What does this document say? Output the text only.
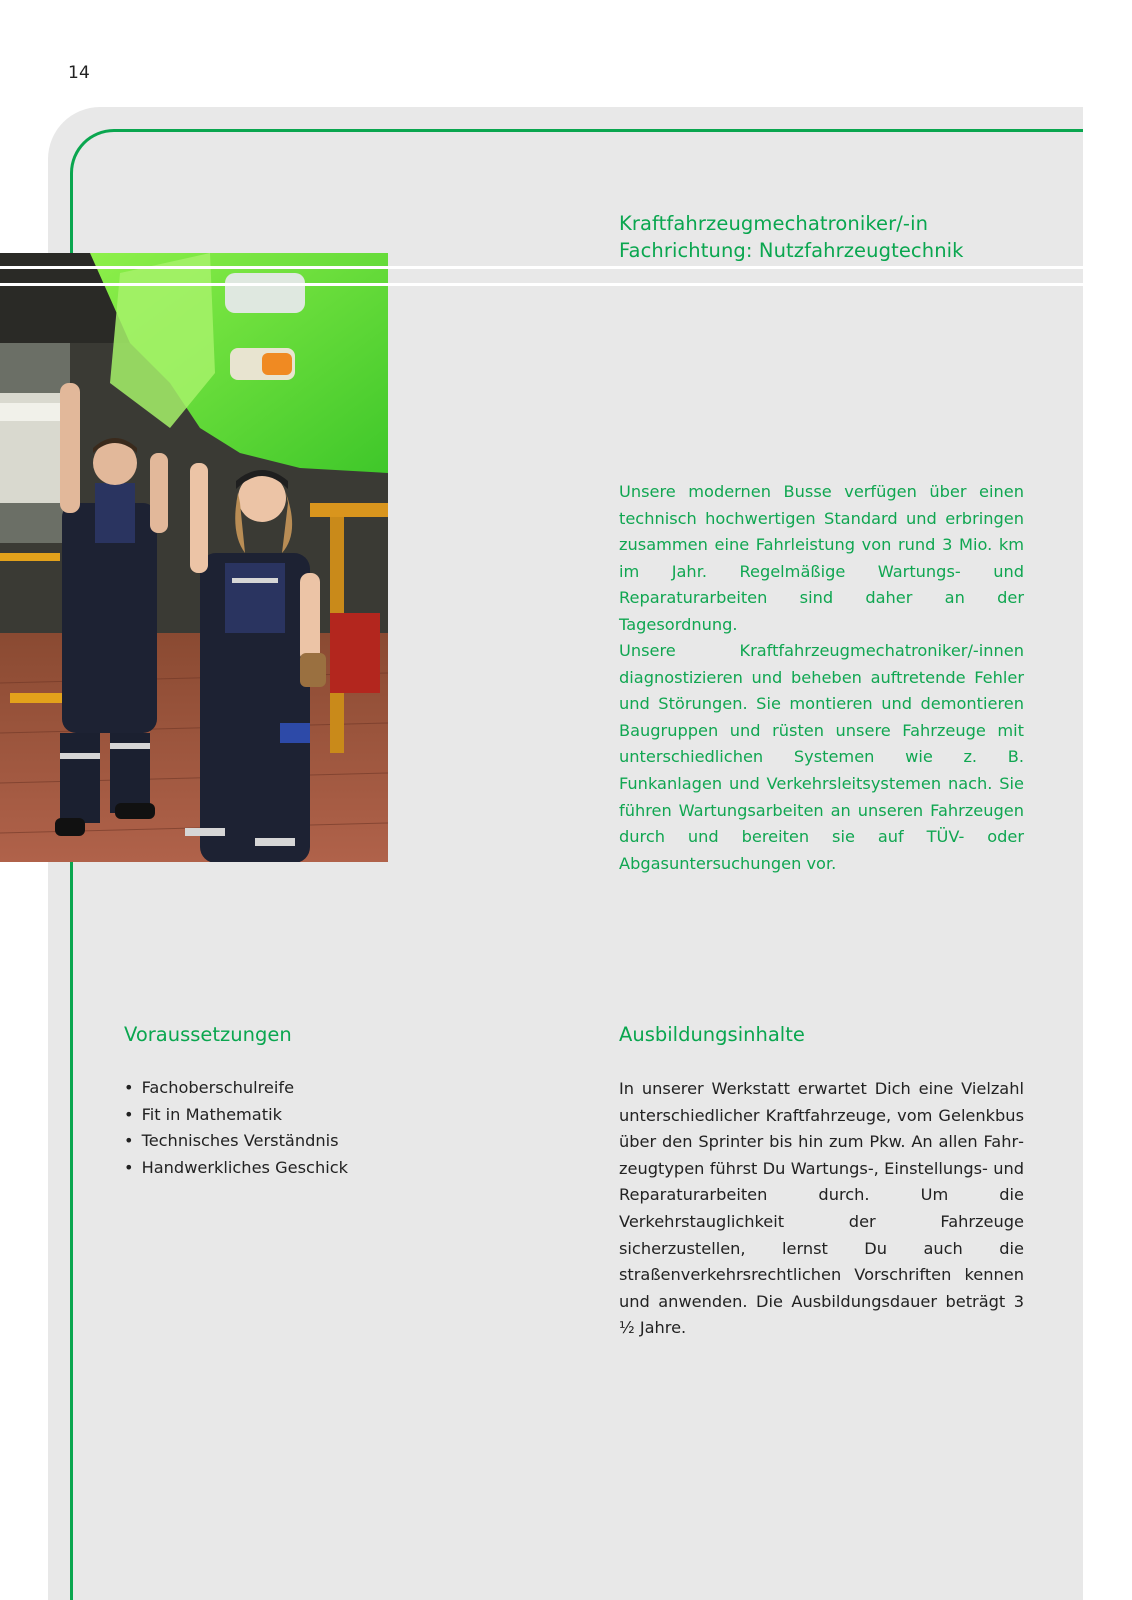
14
Kraftfahrzeugmechatroniker/-in
Fachrichtung: Nutzfahrzeugtechnik

Unsere modernen Busse verfügen über einen technisch hochwertigen Standard und erbringen zusammen eine Fahrleistung von rund 3 Mio. km im Jahr. Regelmäßige Wartungs- und Reparaturarbeiten sind daher an der Tagesordnung.

Unsere Kraftfahrzeugmechatroniker/-innen diagnostizieren und beheben auftretende Fehler und Störungen. Sie montieren und demontieren Baugruppen und rüsten unsere Fahrzeuge mit unterschiedlichen Systemen wie z. B. Funkanlagen und Verkehrsleitsystemen nach. Sie führen Wartungsarbeiten an unseren Fahrzeugen durch und bereiten sie auf TÜV- oder Abgasuntersuchungen vor.

Voraussetzungen
• Fachoberschulreife
• Fit in Mathematik
• Technisches Verständnis
• Handwerkliches Geschick
Ausbildungsinhalte

In unserer Werkstatt erwartet Dich eine Vielzahl unterschiedlicher Kraftfahrzeuge, vom Gelenkbus über den Sprinter bis hin zum Pkw. An allen Fahrzeugtypen führst Du Wartungs-, Einstellungs- und Reparaturarbeiten durch. Um die Verkehrstauglichkeit der Fahrzeuge sicherzustellen, lernst Du auch die straßenverkehrsrechtlichen Vorschriften kennen und anwenden. Die Ausbildungsdauer beträgt 3 ½ Jahre.
